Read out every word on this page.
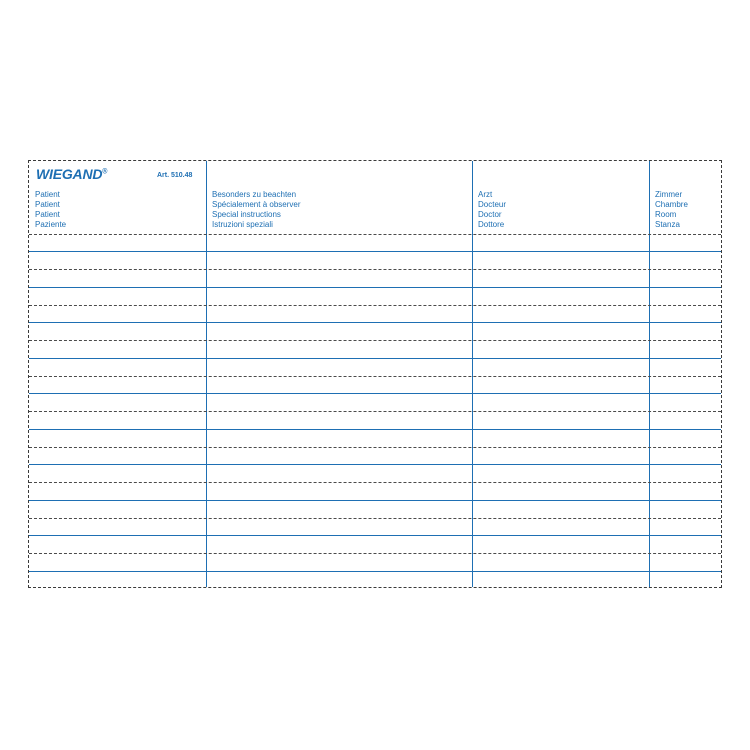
WIEGAND®
Art. 510.48
Patient
Patient
Patient
Paziente
Besonders zu beachten
Spécialement à observer
Special instructions
Istruzioni speziali
Arzt
Docteur
Doctor
Dottore
Zimmer
Chambre
Room
Stanza
